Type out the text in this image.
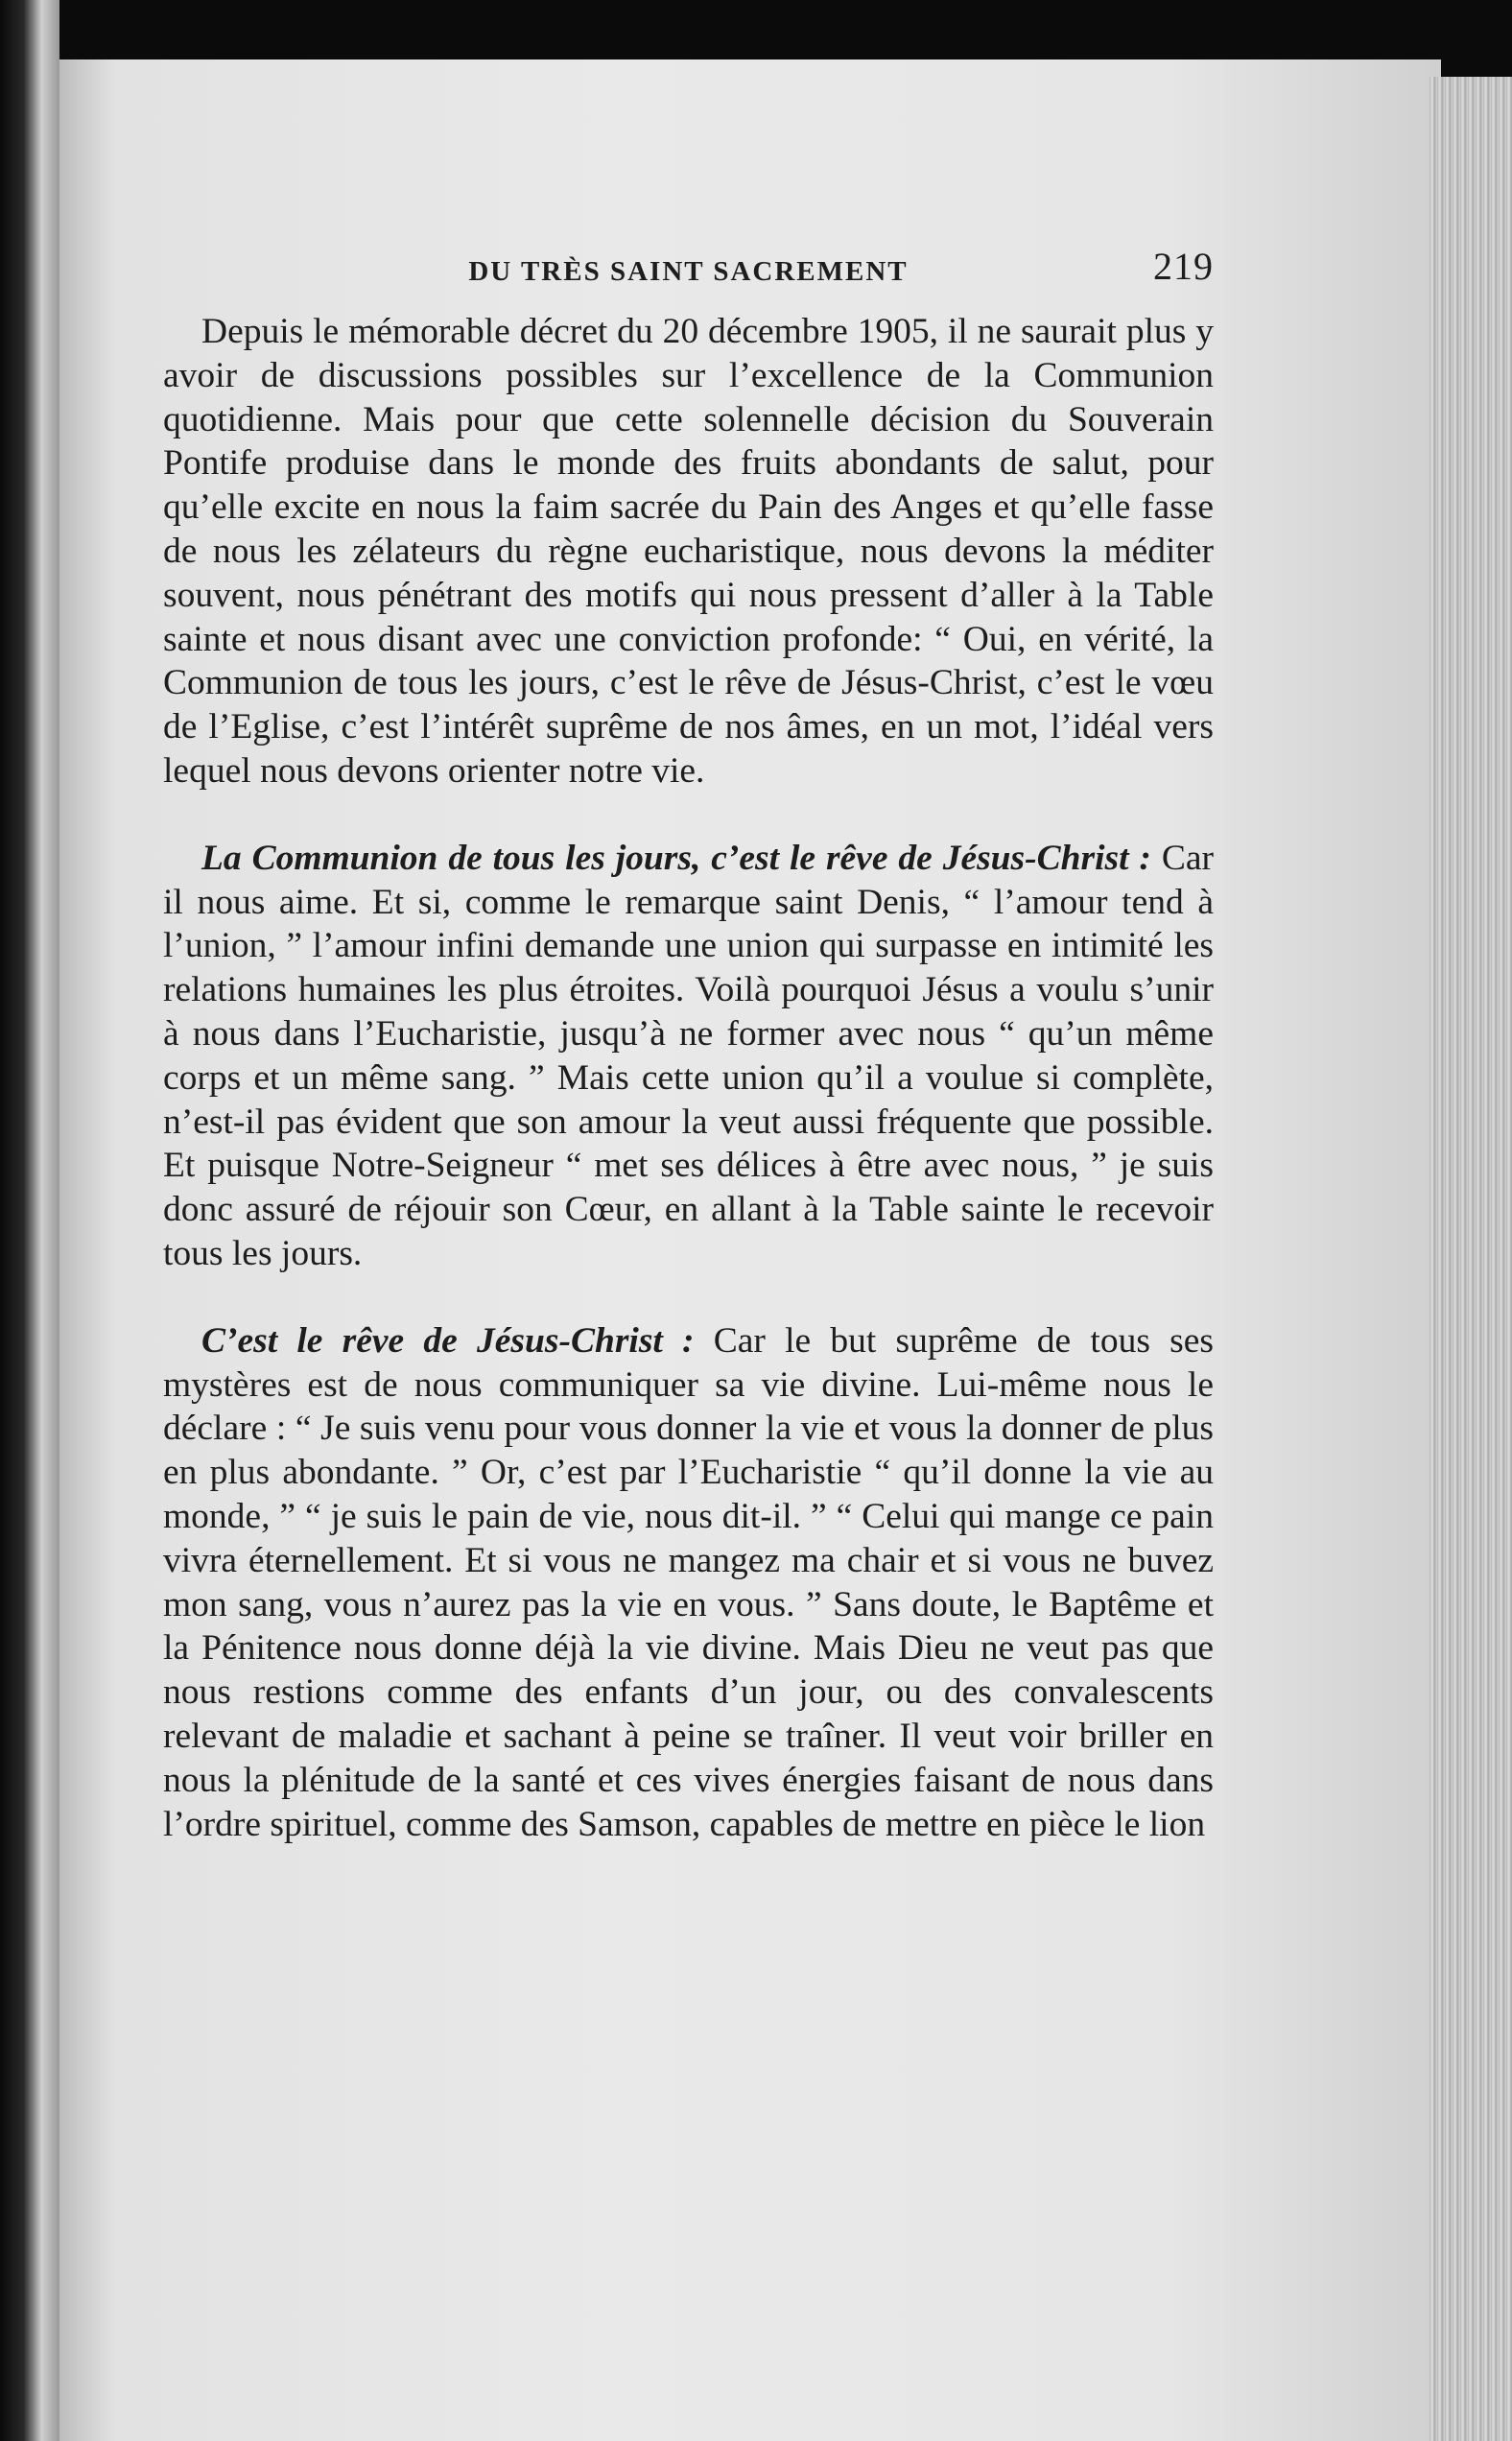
DU TRÈS SAINT SACREMENT	219

Depuis le mémorable décret du 20 décembre 1905, il ne saurait plus y avoir de discussions possibles sur l’excellence de la Communion quotidienne. Mais pour que cette solennelle décision du Souverain Pontife produise dans le monde des fruits abondants de salut, pour qu’elle excite en nous la faim sacrée du Pain des Anges et qu’elle fasse de nous les zélateurs du règne eucharistique, nous devons la méditer souvent, nous pénétrant des motifs qui nous pressent d’aller à la Table sainte et nous disant avec une conviction profonde: “ Oui, en vérité, la Communion de tous les jours, c’est le rêve de Jésus-Christ, c’est le vœu de l’Eglise, c’est l’intérêt suprême de nos âmes, en un mot, l’idéal vers lequel nous devons orienter notre vie.

La Communion de tous les jours, c’est le rêve de Jésus-Christ : Car il nous aime. Et si, comme le remarque saint Denis, “ l’amour tend à l’union, ” l’amour infini demande une union qui surpasse en intimité les relations humaines les plus étroites. Voilà pourquoi Jésus a voulu s’unir à nous dans l’Eucharistie, jusqu’à ne former avec nous “ qu’un même corps et un même sang. ” Mais cette union qu’il a voulue si complète, n’est-il pas évident que son amour la veut aussi fréquente que possible. Et puisque Notre-Seigneur “ met ses délices à être avec nous, ” je suis donc assuré de réjouir son Cœur, en allant à la Table sainte le recevoir tous les jours.

C’est le rêve de Jésus-Christ : Car le but suprême de tous ses mystères est de nous communiquer sa vie divine. Lui-même nous le déclare : “ Je suis venu pour vous donner la vie et vous la donner de plus en plus abondante. ” Or, c’est par l’Eucharistie “ qu’il donne la vie au monde, ” “ je suis le pain de vie, nous dit-il. ” “ Celui qui mange ce pain vivra éternellement. Et si vous ne mangez ma chair et si vous ne buvez mon sang, vous n’aurez pas la vie en vous. ” Sans doute, le Baptême et la Pénitence nous donne déjà la vie divine. Mais Dieu ne veut pas que nous restions comme des enfants d’un jour, ou des convalescents relevant de maladie et sachant à peine se traîner. Il veut voir briller en nous la plénitude de la santé et ces vives énergies faisant de nous dans l’ordre spirituel, comme des Samson, capables de mettre en pièce le lion
